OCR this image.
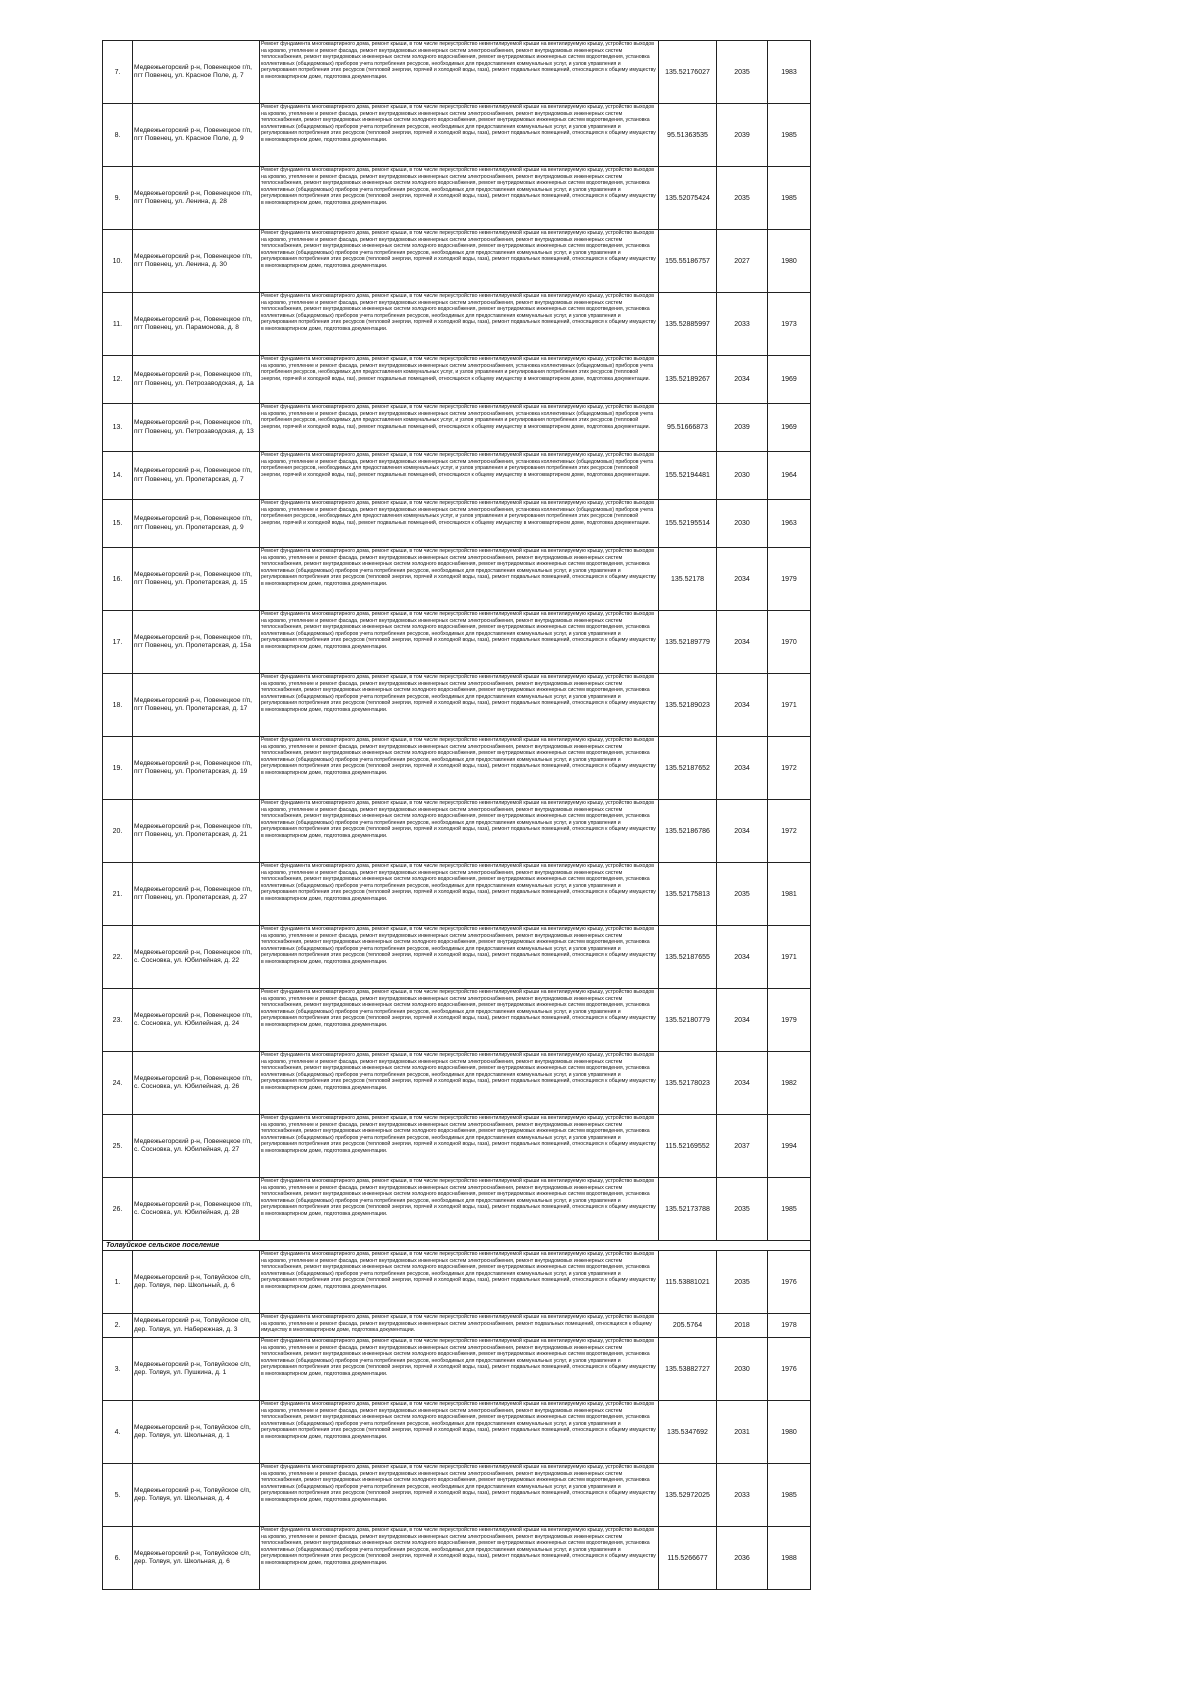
7.	Медвежьегорский р-н, Повенецкое г/п, пгт Повенец, ул. Красное Поле, д. 7	Ремонт фундамента многоквартирного дома, ремонт крыши, в том числе переустройство невентилируемой крыши на вентилируемую крышу, устройство выходов на кровлю, утепление и ремонт фасада, ремонт внутридомовых инженерных систем электроснабжения, ремонт внутридомовых инженерных систем теплоснабжения, ремонт внутридомовых инженерных систем холодного водоснабжения, ремонт внутридомовых инженерных систем водоотведения, установка коллективных (общедомовых) приборов учета потребления ресурсов, необходимых для предоставления коммунальных услуг, и узлов управления и регулирования потребления этих ресурсов (тепловой энергии, горячей и холодной воды, газа), ремонт подвальных помещений, относящихся к общему имуществу в многоквартирном доме, подготовка документации.	135.52176027	2035	1983
8.	Медвежьегорский р-н, Повенецкое г/п, пгт Повенец, ул. Красное Поле, д. 9	Ремонт фундамента многоквартирного дома, ремонт крыши, в том числе переустройство невентилируемой крыши на вентилируемую крышу, устройство выходов на кровлю, утепление и ремонт фасада, ремонт внутридомовых инженерных систем электроснабжения, ремонт внутридомовых инженерных систем теплоснабжения, ремонт внутридомовых инженерных систем холодного водоснабжения, ремонт внутридомовых инженерных систем водоотведения, установка коллективных (общедомовых) приборов учета потребления ресурсов, необходимых для предоставления коммунальных услуг, и узлов управления и регулирования потребления этих ресурсов (тепловой энергии, горячей и холодной воды, газа), ремонт подвальных помещений, относящихся к общему имуществу в многоквартирном доме, подготовка документации.	95.51363535	2039	1985
9.	Медвежьегорский р-н, Повенецкое г/п, пгт Повенец, ул. Ленина, д. 28	Ремонт фундамента многоквартирного дома, ремонт крыши, в том числе переустройство невентилируемой крыши на вентилируемую крышу, устройство выходов на кровлю, утепление и ремонт фасада, ремонт внутридомовых инженерных систем электроснабжения, ремонт внутридомовых инженерных систем теплоснабжения, ремонт внутридомовых инженерных систем холодного водоснабжения, ремонт внутридомовых инженерных систем водоотведения, установка коллективных (общедомовых) приборов учета потребления ресурсов, необходимых для предоставления коммунальных услуг, и узлов управления и регулирования потребления этих ресурсов (тепловой энергии, горячей и холодной воды, газа), ремонт подвальных помещений, относящихся к общему имуществу в многоквартирном доме, подготовка документации.	135.52075424	2035	1985
10.	Медвежьегорский р-н, Повенецкое г/п, пгт Повенец, ул. Ленина, д. 30	Ремонт фундамента многоквартирного дома, ремонт крыши, в том числе переустройство невентилируемой крыши на вентилируемую крышу, устройство выходов на кровлю, утепление и ремонт фасада, ремонт внутридомовых инженерных систем электроснабжения, ремонт внутридомовых инженерных систем теплоснабжения, ремонт внутридомовых инженерных систем холодного водоснабжения, ремонт внутридомовых инженерных систем водоотведения, установка коллективных (общедомовых) приборов учета потребления ресурсов, необходимых для предоставления коммунальных услуг, и узлов управления и регулирования потребления этих ресурсов (тепловой энергии, горячей и холодной воды, газа), ремонт подвальных помещений, относящихся к общему имуществу в многоквартирном доме, подготовка документации.	155.55186757	2027	1980
11.	Медвежьегорский р-н, Повенецкое г/п, пгт Повенец, ул. Парамонова, д. 8	Ремонт фундамента многоквартирного дома, ремонт крыши, в том числе переустройство невентилируемой крыши на вентилируемую крышу, устройство выходов на кровлю, утепление и ремонт фасада, ремонт внутридомовых инженерных систем электроснабжения, ремонт внутридомовых инженерных систем теплоснабжения, ремонт внутридомовых инженерных систем холодного водоснабжения, ремонт внутридомовых инженерных систем водоотведения, установка коллективных (общедомовых) приборов учета потребления ресурсов, необходимых для предоставления коммунальных услуг, и узлов управления и регулирования потребления этих ресурсов (тепловой энергии, горячей и холодной воды, газа), ремонт подвальных помещений, относящихся к общему имуществу в многоквартирном доме, подготовка документации.	135.52885997	2033	1973
12.	Медвежьегорский р-н, Повенецкое г/п, пгт Повенец, ул. Петрозаводская, д. 1а	Ремонт фундамента многоквартирного дома, ремонт крыши, в том числе переустройство невентилируемой крыши на вентилируемую крышу, устройство выходов на кровлю, утепление и ремонт фасада, ремонт внутридомовых инженерных систем электроснабжения, установка коллективных (общедомовых) приборов учета потребления ресурсов, необходимых для предоставления коммунальных услуг, и узлов управления и регулирования потребления этих ресурсов (тепловой энергии, горячей и холодной воды, газ), ремонт подвальных помещений, относящихся к общему имуществу в многоквартирном доме, подготовка документации.	135.52189267	2034	1969
13.	Медвежьегорский р-н, Повенецкое г/п, пгт Повенец, ул. Петрозаводская, д. 13	Ремонт фундамента многоквартирного дома, ремонт крыши, в том числе переустройство невентилируемой крыши на вентилируемую крышу, устройство выходов на кровлю, утепление и ремонт фасада, ремонт внутридомовых инженерных систем электроснабжения, установка коллективных (общедомовых) приборов учета потребления ресурсов, необходимых для предоставления коммунальных услуг, и узлов управления и регулирования потребления этих ресурсов (тепловой энергии, горячей и холодной воды, газ), ремонт подвальных помещений, относящихся к общему имуществу в многоквартирном доме, подготовка документации.	95.51666873	2039	1969
14.	Медвежьегорский р-н, Повенецкое г/п, пгт Повенец, ул. Пролетарская, д. 7	Ремонт фундамента многоквартирного дома, ремонт крыши, в том числе переустройство невентилируемой крыши на вентилируемую крышу, устройство выходов на кровлю, утепление и ремонт фасада, ремонт внутридомовых инженерных систем электроснабжения, установка коллективных (общедомовых) приборов учета потребления ресурсов, необходимых для предоставления коммунальных услуг, и узлов управления и регулирования потребления этих ресурсов (тепловой энергии, горячей и холодной воды, газ), ремонт подвальных помещений, относящихся к общему имуществу в многоквартирном доме, подготовка документации.	155.52194481	2030	1964
15.	Медвежьегорский р-н, Повенецкое г/п, пгт Повенец, ул. Пролетарская, д. 9	Ремонт фундамента многоквартирного дома, ремонт крыши, в том числе переустройство невентилируемой крыши на вентилируемую крышу, устройство выходов на кровлю, утепление и ремонт фасада, ремонт внутридомовых инженерных систем электроснабжения, установка коллективных (общедомовых) приборов учета потребления ресурсов, необходимых для предоставления коммунальных услуг, и узлов управления и регулирования потребления этих ресурсов (тепловой энергии, горячей и холодной воды, газ), ремонт подвальных помещений, относящихся к общему имуществу в многоквартирном доме, подготовка документации.	155.52195514	2030	1963
16.	Медвежьегорский р-н, Повенецкое г/п, пгт Повенец, ул. Пролетарская, д. 15	Ремонт фундамента многоквартирного дома, ремонт крыши, в том числе переустройство невентилируемой крыши на вентилируемую крышу, устройство выходов на кровлю, утепление и ремонт фасада, ремонт внутридомовых инженерных систем электроснабжения, ремонт внутридомовых инженерных систем теплоснабжения, ремонт внутридомовых инженерных систем холодного водоснабжения, ремонт внутридомовых инженерных систем водоотведения, установка коллективных (общедомовых) приборов учета потребления ресурсов, необходимых для предоставления коммунальных услуг, и узлов управления и регулирования потребления этих ресурсов (тепловой энергии, горячей и холодной воды, газа), ремонт подвальных помещений, относящихся к общему имуществу в многоквартирном доме, подготовка документации.	135.52178	2034	1979
17.	Медвежьегорский р-н, Повенецкое г/п, пгт Повенец, ул. Пролетарская, д. 15а	Ремонт фундамента многоквартирного дома, ремонт крыши, в том числе переустройство невентилируемой крыши на вентилируемую крышу, устройство выходов на кровлю, утепление и ремонт фасада, ремонт внутридомовых инженерных систем электроснабжения, ремонт внутридомовых инженерных систем теплоснабжения, ремонт внутридомовых инженерных систем холодного водоснабжения, ремонт внутридомовых инженерных систем водоотведения, установка коллективных (общедомовых) приборов учета потребления ресурсов, необходимых для предоставления коммунальных услуг, и узлов управления и регулирования потребления этих ресурсов (тепловой энергии, горячей и холодной воды, газа), ремонт подвальных помещений, относящихся к общему имуществу в многоквартирном доме, подготовка документации.	135.52189779	2034	1970
18.	Медвежьегорский р-н, Повенецкое г/п, пгт Повенец, ул. Пролетарская, д. 17	Ремонт фундамента многоквартирного дома, ремонт крыши, в том числе переустройство невентилируемой крыши на вентилируемую крышу, устройство выходов на кровлю, утепление и ремонт фасада, ремонт внутридомовых инженерных систем электроснабжения, ремонт внутридомовых инженерных систем теплоснабжения, ремонт внутридомовых инженерных систем холодного водоснабжения, ремонт внутридомовых инженерных систем водоотведения, установка коллективных (общедомовых) приборов учета потребления ресурсов, необходимых для предоставления коммунальных услуг, и узлов управления и регулирования потребления этих ресурсов (тепловой энергии, горячей и холодной воды, газа), ремонт подвальных помещений, относящихся к общему имуществу в многоквартирном доме, подготовка документации.	135.52189023	2034	1971
19.	Медвежьегорский р-н, Повенецкое г/п, пгт Повенец, ул. Пролетарская, д. 19	Ремонт фундамента многоквартирного дома, ремонт крыши, в том числе переустройство невентилируемой крыши на вентилируемую крышу, устройство выходов на кровлю, утепление и ремонт фасада, ремонт внутридомовых инженерных систем электроснабжения, ремонт внутридомовых инженерных систем теплоснабжения, ремонт внутридомовых инженерных систем холодного водоснабжения, ремонт внутридомовых инженерных систем водоотведения, установка коллективных (общедомовых) приборов учета потребления ресурсов, необходимых для предоставления коммунальных услуг, и узлов управления и регулирования потребления этих ресурсов (тепловой энергии, горячей и холодной воды, газа), ремонт подвальных помещений, относящихся к общему имуществу в многоквартирном доме, подготовка документации.	135.52187652	2034	1972
20.	Медвежьегорский р-н, Повенецкое г/п, пгт Повенец, ул. Пролетарская, д. 21	Ремонт фундамента многоквартирного дома, ремонт крыши, в том числе переустройство невентилируемой крыши на вентилируемую крышу, устройство выходов на кровлю, утепление и ремонт фасада, ремонт внутридомовых инженерных систем электроснабжения, ремонт внутридомовых инженерных систем теплоснабжения, ремонт внутридомовых инженерных систем холодного водоснабжения, ремонт внутридомовых инженерных систем водоотведения, установка коллективных (общедомовых) приборов учета потребления ресурсов, необходимых для предоставления коммунальных услуг, и узлов управления и регулирования потребления этих ресурсов (тепловой энергии, горячей и холодной воды, газа), ремонт подвальных помещений, относящихся к общему имуществу в многоквартирном доме, подготовка документации.	135.52186786	2034	1972
21.	Медвежьегорский р-н, Повенецкое г/п, пгт Повенец, ул. Пролетарская, д. 27	Ремонт фундамента многоквартирного дома, ремонт крыши, в том числе переустройство невентилируемой крыши на вентилируемую крышу, устройство выходов на кровлю, утепление и ремонт фасада, ремонт внутридомовых инженерных систем электроснабжения, ремонт внутридомовых инженерных систем теплоснабжения, ремонт внутридомовых инженерных систем холодного водоснабжения, ремонт внутридомовых инженерных систем водоотведения, установка коллективных (общедомовых) приборов учета потребления ресурсов, необходимых для предоставления коммунальных услуг, и узлов управления и регулирования потребления этих ресурсов (тепловой энергии, горячей и холодной воды, газа), ремонт подвальных помещений, относящихся к общему имуществу в многоквартирном доме, подготовка документации.	135.52175813	2035	1981
22.	Медвежьегорский р-н, Повенецкое г/п, с. Сосновка, ул. Юбилейная, д. 22	Ремонт фундамента многоквартирного дома, ремонт крыши, в том числе переустройство невентилируемой крыши на вентилируемую крышу, устройство выходов на кровлю, утепление и ремонт фасада, ремонт внутридомовых инженерных систем электроснабжения, ремонт внутридомовых инженерных систем теплоснабжения, ремонт внутридомовых инженерных систем холодного водоснабжения, ремонт внутридомовых инженерных систем водоотведения, установка коллективных (общедомовых) приборов учета потребления ресурсов, необходимых для предоставления коммунальных услуг, и узлов управления и регулирования потребления этих ресурсов (тепловой энергии, горячей и холодной воды, газа), ремонт подвальных помещений, относящихся к общему имуществу в многоквартирном доме, подготовка документации.	135.52187655	2034	1971
23.	Медвежьегорский р-н, Повенецкое г/п, с. Сосновка, ул. Юбилейная, д. 24	Ремонт фундамента многоквартирного дома, ремонт крыши, в том числе переустройство невентилируемой крыши на вентилируемую крышу, устройство выходов на кровлю, утепление и ремонт фасада, ремонт внутридомовых инженерных систем электроснабжения, ремонт внутридомовых инженерных систем теплоснабжения, ремонт внутридомовых инженерных систем холодного водоснабжения, ремонт внутридомовых инженерных систем водоотведения, установка коллективных (общедомовых) приборов учета потребления ресурсов, необходимых для предоставления коммунальных услуг, и узлов управления и регулирования потребления этих ресурсов (тепловой энергии, горячей и холодной воды, газа), ремонт подвальных помещений, относящихся к общему имуществу в многоквартирном доме, подготовка документации.	135.52180779	2034	1979
24.	Медвежьегорский р-н, Повенецкое г/п, с. Сосновка, ул. Юбилейная, д. 26	Ремонт фундамента многоквартирного дома, ремонт крыши, в том числе переустройство невентилируемой крыши на вентилируемую крышу, устройство выходов на кровлю, утепление и ремонт фасада, ремонт внутридомовых инженерных систем электроснабжения, ремонт внутридомовых инженерных систем теплоснабжения, ремонт внутридомовых инженерных систем холодного водоснабжения, ремонт внутридомовых инженерных систем водоотведения, установка коллективных (общедомовых) приборов учета потребления ресурсов, необходимых для предоставления коммунальных услуг, и узлов управления и регулирования потребления этих ресурсов (тепловой энергии, горячей и холодной воды, газа), ремонт подвальных помещений, относящихся к общему имуществу в многоквартирном доме, подготовка документации.	135.52178023	2034	1982
25.	Медвежьегорский р-н, Повенецкое г/п, с. Сосновка, ул. Юбилейная, д. 27	Ремонт фундамента многоквартирного дома, ремонт крыши, в том числе переустройство невентилируемой крыши на вентилируемую крышу, устройство выходов на кровлю, утепление и ремонт фасада, ремонт внутридомовых инженерных систем электроснабжения, ремонт внутридомовых инженерных систем теплоснабжения, ремонт внутридомовых инженерных систем холодного водоснабжения, ремонт внутридомовых инженерных систем водоотведения, установка коллективных (общедомовых) приборов учета потребления ресурсов, необходимых для предоставления коммунальных услуг, и узлов управления и регулирования потребления этих ресурсов (тепловой энергии, горячей и холодной воды, газа), ремонт подвальных помещений, относящихся к общему имуществу в многоквартирном доме, подготовка документации.	115.52169552	2037	1994
26.	Медвежьегорский р-н, Повенецкое г/п, с. Сосновка, ул. Юбилейная, д. 28	Ремонт фундамента многоквартирного дома, ремонт крыши, в том числе переустройство невентилируемой крыши на вентилируемую крышу, устройство выходов на кровлю, утепление и ремонт фасада, ремонт внутридомовых инженерных систем электроснабжения, ремонт внутридомовых инженерных систем теплоснабжения, ремонт внутридомовых инженерных систем холодного водоснабжения, ремонт внутридомовых инженерных систем водоотведения, установка коллективных (общедомовых) приборов учета потребления ресурсов, необходимых для предоставления коммунальных услуг, и узлов управления и регулирования потребления этих ресурсов (тепловой энергии, горячей и холодной воды, газа), ремонт подвальных помещений, относящихся к общему имуществу в многоквартирном доме, подготовка документации.	135.52173788	2035	1985
Толвуйское сельское поселение					
1.	Медвежьегорский р-н, Толвуйское с/п, дер. Толвуя, пер. Школьный, д. 6	Ремонт фундамента многоквартирного дома, ремонт крыши, в том числе переустройство невентилируемой крыши на вентилируемую крышу, устройство выходов на кровлю, утепление и ремонт фасада, ремонт внутридомовых инженерных систем электроснабжения, ремонт внутридомовых инженерных систем теплоснабжения, ремонт внутридомовых инженерных систем холодного водоснабжения, ремонт внутридомовых инженерных систем водоотведения, установка коллективных (общедомовых) приборов учета потребления ресурсов, необходимых для предоставления коммунальных услуг, и узлов управления и регулирования потребления этих ресурсов (тепловой энергии, горячей и холодной воды, газа), ремонт подвальных помещений, относящихся к общему имуществу в многоквартирном доме, подготовка документации.	115.53881021	2035	1976
2.	Медвежьегорский р-н, Толвуйское с/п, дер. Толвуя, ул. Набережная, д. 3	Ремонт фундамента многоквартирного дома, ремонт крыши, в том числе переустройство невентилируемой крыши на вентилируемую крышу, устройство выходов на кровлю, утепление и ремонт фасада, ремонт внутридомовых инженерных систем электроснабжения, ремонт подвальных помещений, относящихся к общему имуществу в многоквартирном доме, подготовка документации.	205.5764	2018	1978
3.	Медвежьегорский р-н, Толвуйское с/п, дер. Толвуя, ул. Пушкина, д. 1	Ремонт фундамента многоквартирного дома, ремонт крыши, в том числе переустройство невентилируемой крыши на вентилируемую крышу, устройство выходов на кровлю, утепление и ремонт фасада, ремонт внутридомовых инженерных систем электроснабжения, ремонт внутридомовых инженерных систем теплоснабжения, ремонт внутридомовых инженерных систем холодного водоснабжения, ремонт внутридомовых инженерных систем водоотведения, установка коллективных (общедомовых) приборов учета потребления ресурсов, необходимых для предоставления коммунальных услуг, и узлов управления и регулирования потребления этих ресурсов (тепловой энергии, горячей и холодной воды, газа), ремонт подвальных помещений, относящихся к общему имуществу в многоквартирном доме, подготовка документации.	135.53882727	2030	1976
4.	Медвежьегорский р-н, Толвуйское с/п, дер. Толвуя, ул. Школьная, д. 1	Ремонт фундамента многоквартирного дома, ремонт крыши, в том числе переустройство невентилируемой крыши на вентилируемую крышу, устройство выходов на кровлю, утепление и ремонт фасада, ремонт внутридомовых инженерных систем электроснабжения, ремонт внутридомовых инженерных систем теплоснабжения, ремонт внутридомовых инженерных систем холодного водоснабжения, ремонт внутридомовых инженерных систем водоотведения, установка коллективных (общедомовых) приборов учета потребления ресурсов, необходимых для предоставления коммунальных услуг, и узлов управления и регулирования потребления этих ресурсов (тепловой энергии, горячей и холодной воды, газа), ремонт подвальных помещений, относящихся к общему имуществу в многоквартирном доме, подготовка документации.	135.5347692	2031	1980
5.	Медвежьегорский р-н, Толвуйское с/п, дер. Толвуя, ул. Школьная, д. 4	Ремонт фундамента многоквартирного дома, ремонт крыши, в том числе переустройство невентилируемой крыши на вентилируемую крышу, устройство выходов на кровлю, утепление и ремонт фасада, ремонт внутридомовых инженерных систем электроснабжения, ремонт внутридомовых инженерных систем теплоснабжения, ремонт внутридомовых инженерных систем холодного водоснабжения, ремонт внутридомовых инженерных систем водоотведения, установка коллективных (общедомовых) приборов учета потребления ресурсов, необходимых для предоставления коммунальных услуг, и узлов управления и регулирования потребления этих ресурсов (тепловой энергии, горячей и холодной воды, газа), ремонт подвальных помещений, относящихся к общему имуществу в многоквартирном доме, подготовка документации.	135.52972025	2033	1985
6.	Медвежьегорский р-н, Толвуйское с/п, дер. Толвуя, ул. Школьная, д. 6	Ремонт фундамента многоквартирного дома, ремонт крыши, в том числе переустройство невентилируемой крыши на вентилируемую крышу, устройство выходов на кровлю, утепление и ремонт фасада, ремонт внутридомовых инженерных систем электроснабжения, ремонт внутридомовых инженерных систем теплоснабжения, ремонт внутридомовых инженерных систем холодного водоснабжения, ремонт внутридомовых инженерных систем водоотведения, установка коллективных (общедомовых) приборов учета потребления ресурсов, необходимых для предоставления коммунальных услуг, и узлов управления и регулирования потребления этих ресурсов (тепловой энергии, горячей и холодной воды, газа), ремонт подвальных помещений, относящихся к общему имуществу в многоквартирном доме, подготовка документации.	115.5266677	2036	1988
